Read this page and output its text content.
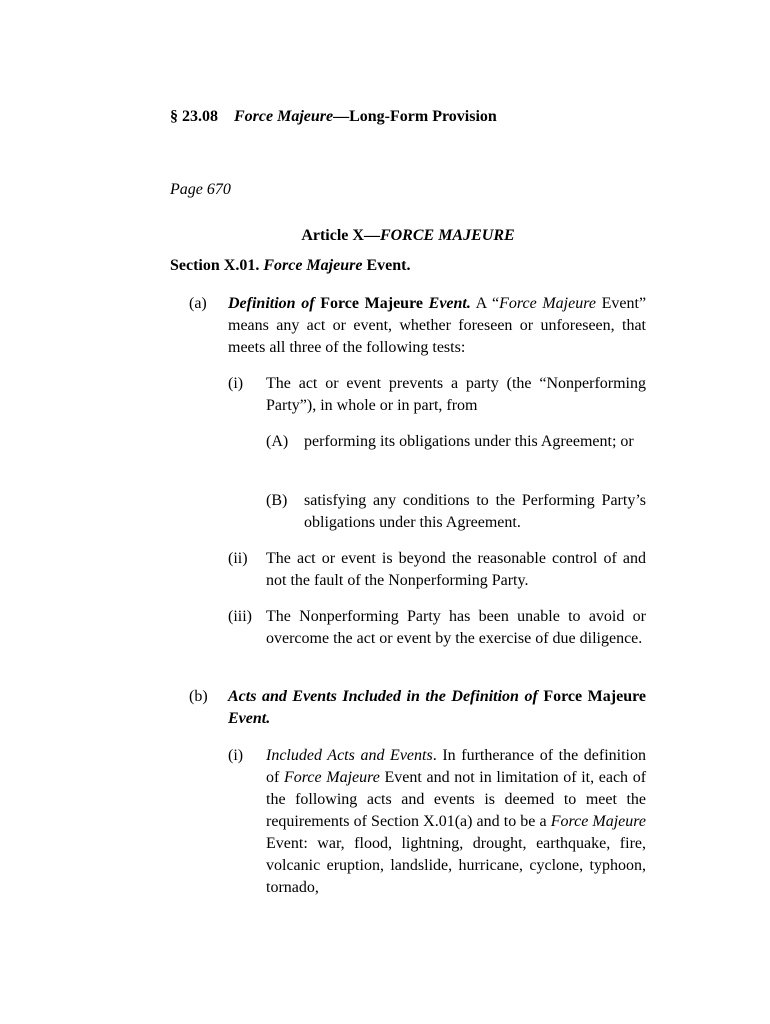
§ 23.08 Force Majeure—Long-Form Provision
Page 670
Article X—FORCE MAJEURE
Section X.01. Force Majeure Event.
(a) Definition of Force Majeure Event. A “Force Majeure Event” means any act or event, whether foreseen or unforeseen, that meets all three of the following tests:
(i) The act or event prevents a party (the “Nonperforming Party”), in whole or in part, from
(A) performing its obligations under this Agreement; or
(B) satisfying any conditions to the Performing Party’s obligations under this Agreement.
(ii) The act or event is beyond the reasonable control of and not the fault of the Nonperforming Party.
(iii) The Nonperforming Party has been unable to avoid or overcome the act or event by the exercise of due diligence.
(b) Acts and Events Included in the Definition of Force Majeure Event.
(i) Included Acts and Events. In furtherance of the definition of Force Majeure Event and not in limitation of it, each of the following acts and events is deemed to meet the requirements of Section X.01(a) and to be a Force Majeure Event: war, flood, lightning, drought, earthquake, fire, volcanic eruption, landslide, hurricane, cyclone, typhoon, tornado,
